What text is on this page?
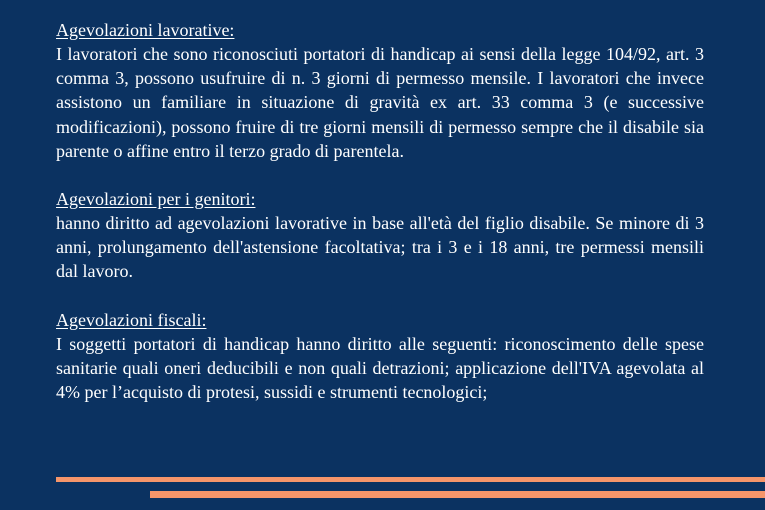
Agevolazioni lavorative:

I lavoratori che sono riconosciuti portatori di handicap ai sensi della legge 104/92, art. 3 comma 3, possono usufruire di n. 3 giorni di permesso mensile. I lavoratori che invece assistono un familiare in situazione di gravità ex art. 33 comma 3 (e successive modificazioni), possono fruire di tre giorni mensili di permesso sempre che il disabile sia parente o affine entro il terzo grado di parentela.

Agevolazioni per i genitori:

hanno diritto ad agevolazioni lavorative in base all'età del figlio disabile. Se minore di 3 anni, prolungamento dell'astensione facoltativa; tra i 3 e i 18 anni, tre permessi mensili dal lavoro.

Agevolazioni fiscali:

I soggetti portatori di handicap hanno diritto alle seguenti: riconoscimento delle spese sanitarie quali oneri deducibili e non quali detrazioni; applicazione dell'IVA agevolata al 4% per l’acquisto di protesi, sussidi e strumenti tecnologici;
